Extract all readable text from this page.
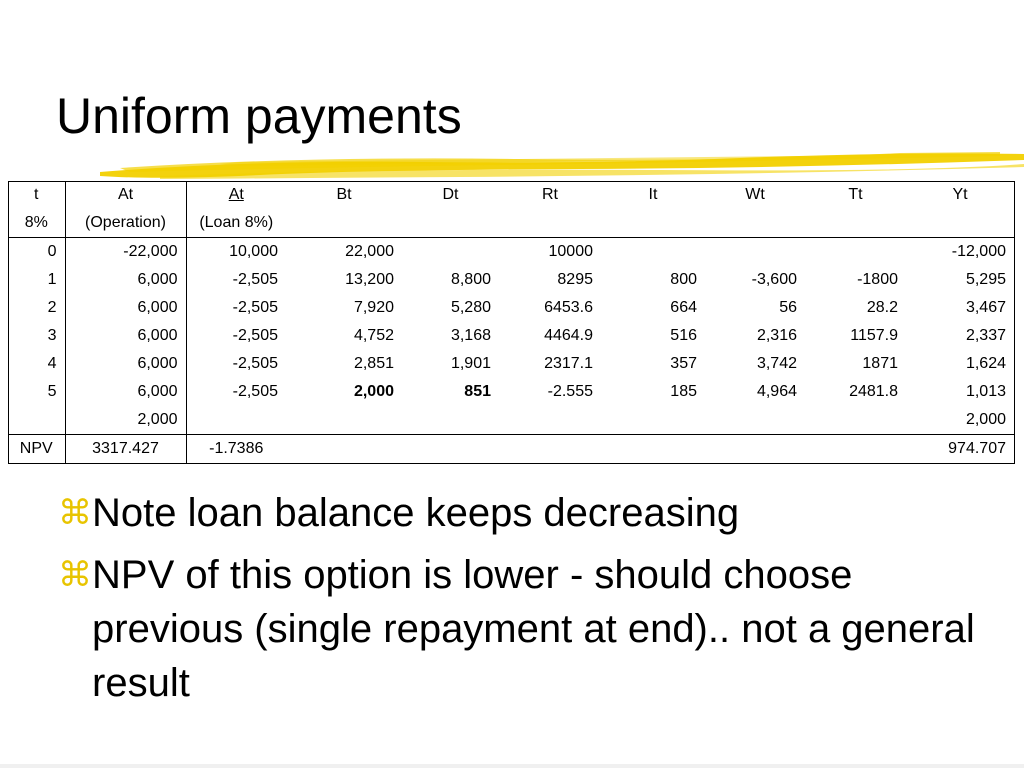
Uniform payments
t	At	At	Bt	Dt	Rt	It	Wt	Tt	Yt
8%	(Operation)	(Loan 8%)							
0	-22,000	10,000	22,000		10000				-12,000
1	6,000	-2,505	13,200	8,800	8295	800	-3,600	-1800	5,295
2	6,000	-2,505	7,920	5,280	6453.6	664	56	28.2	3,467
3	6,000	-2,505	4,752	3,168	4464.9	516	2,316	1157.9	2,337
4	6,000	-2,505	2,851	1,901	2317.1	357	3,742	1871	1,624
5	6,000	-2,505	2,000	851	-2.555	185	4,964	2481.8	1,013
	2,000								2,000
NPV	3317.427	-1.7386							974.707
⌘ Note loan balance keeps decreasing
⌘ NPV of this option is lower - should choose previous (single repayment at end).. not a general result
